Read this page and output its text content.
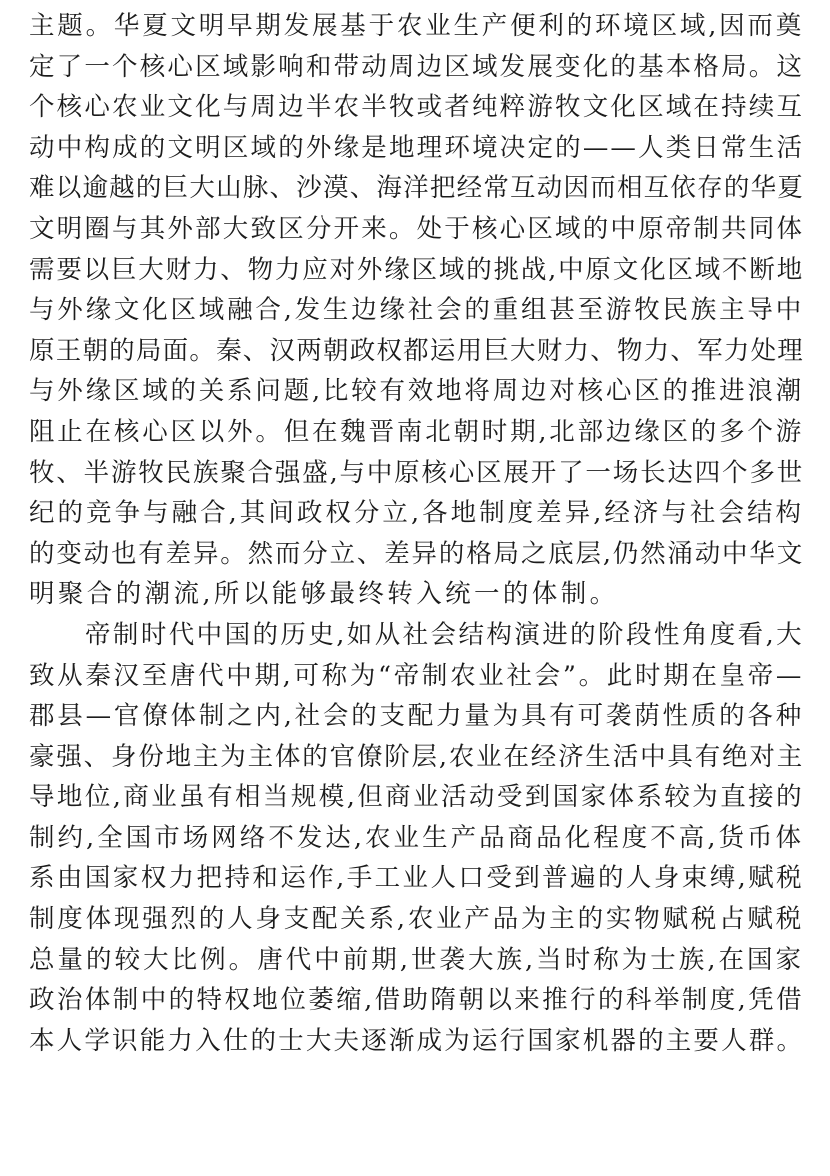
主题。华夏文明早期发展基于农业生产便利的环境区域,因而奠
定了一个核心区域影响和带动周边区域发展变化的基本格局。这
个核心农业文化与周边半农半牧或者纯粹游牧文化区域在持续互
动中构成的文明区域的外缘是地理环境决定的——人类日常生活
难以逾越的巨大山脉、沙漠、海洋把经常互动因而相互依存的华夏
文明圈与其外部大致区分开来。处于核心区域的中原帝制共同体
需要以巨大财力、物力应对外缘区域的挑战,中原文化区域不断地
与外缘文化区域融合,发生边缘社会的重组甚至游牧民族主导中
原王朝的局面。秦、汉两朝政权都运用巨大财力、物力、军力处理
与外缘区域的关系问题,比较有效地将周边对核心区的推进浪潮
阻止在核心区以外。但在魏晋南北朝时期,北部边缘区的多个游
牧、半游牧民族聚合强盛,与中原核心区展开了一场长达四个多世
纪的竞争与融合,其间政权分立,各地制度差异,经济与社会结构
的变动也有差异。然而分立、差异的格局之底层,仍然涌动中华文
明聚合的潮流,所以能够最终转入统一的体制。
帝制时代中国的历史,如从社会结构演进的阶段性角度看,大
致从秦汉至唐代中期,可称为“帝制农业社会”。此时期在皇帝—
郡县—官僚体制之内,社会的支配力量为具有可袭荫性质的各种
豪强、身份地主为主体的官僚阶层,农业在经济生活中具有绝对主
导地位,商业虽有相当规模,但商业活动受到国家体系较为直接的
制约,全国市场网络不发达,农业生产品商品化程度不高,货币体
系由国家权力把持和运作,手工业人口受到普遍的人身束缚,赋税
制度体现强烈的人身支配关系,农业产品为主的实物赋税占赋税
总量的较大比例。唐代中前期,世袭大族,当时称为士族,在国家
政治体制中的特权地位萎缩,借助隋朝以来推行的科举制度,凭借
本人学识能力入仕的士大夫逐渐成为运行国家机器的主要人群。
